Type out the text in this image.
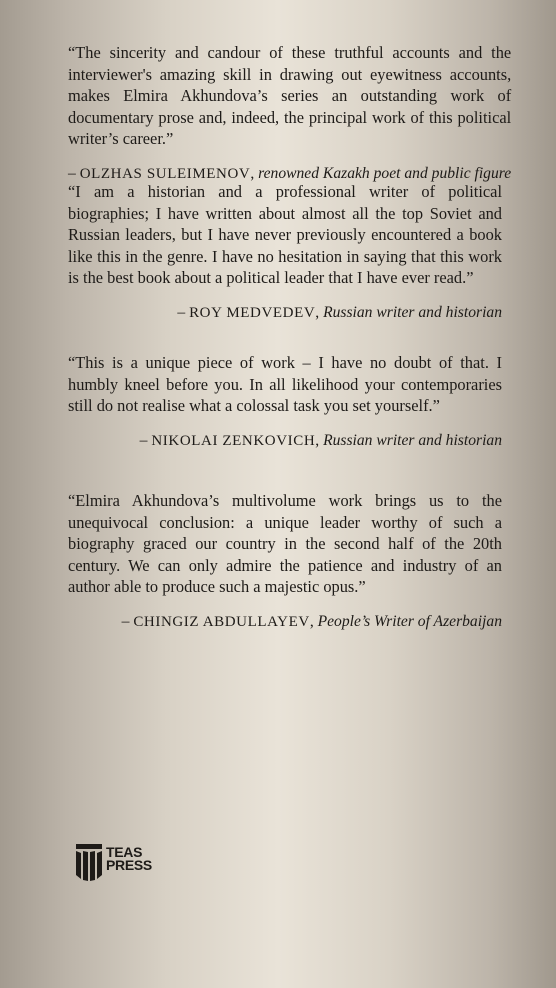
“The sincerity and candour of these truthful accounts and the interviewer's amazing skill in drawing out eyewitness accounts, makes Elmira Akhundova’s series an outstanding work of documentary prose and, indeed, the principal work of this political writer’s career.”

– OLZHAS SULEIMENOV, renowned Kazakh poet and public figure

“I am a historian and a professional writer of political biographies; I have written about almost all the top Soviet and Russian leaders, but I have never previously encountered a book like this in the genre. I have no hesitation in saying that this work is the best book about a political leader that I have ever read.”

– ROY MEDVEDEV, Russian writer and historian

“This is a unique piece of work – I have no doubt of that. I humbly kneel before you. In all likelihood your contemporaries still do not realise what a colossal task you set yourself.”

– NIKOLAI ZENKOVICH, Russian writer and historian

“Elmira Akhundova’s multivolume work brings us to the unequivocal conclusion: a unique leader worthy of such a biography graced our country in the second half of the 20th century. We can only admire the patience and industry of an author able to produce such a majestic opus.”

– CHINGIZ ABDULLAYEV, People’s Writer of Azerbaijan
TEAS
PRESS
